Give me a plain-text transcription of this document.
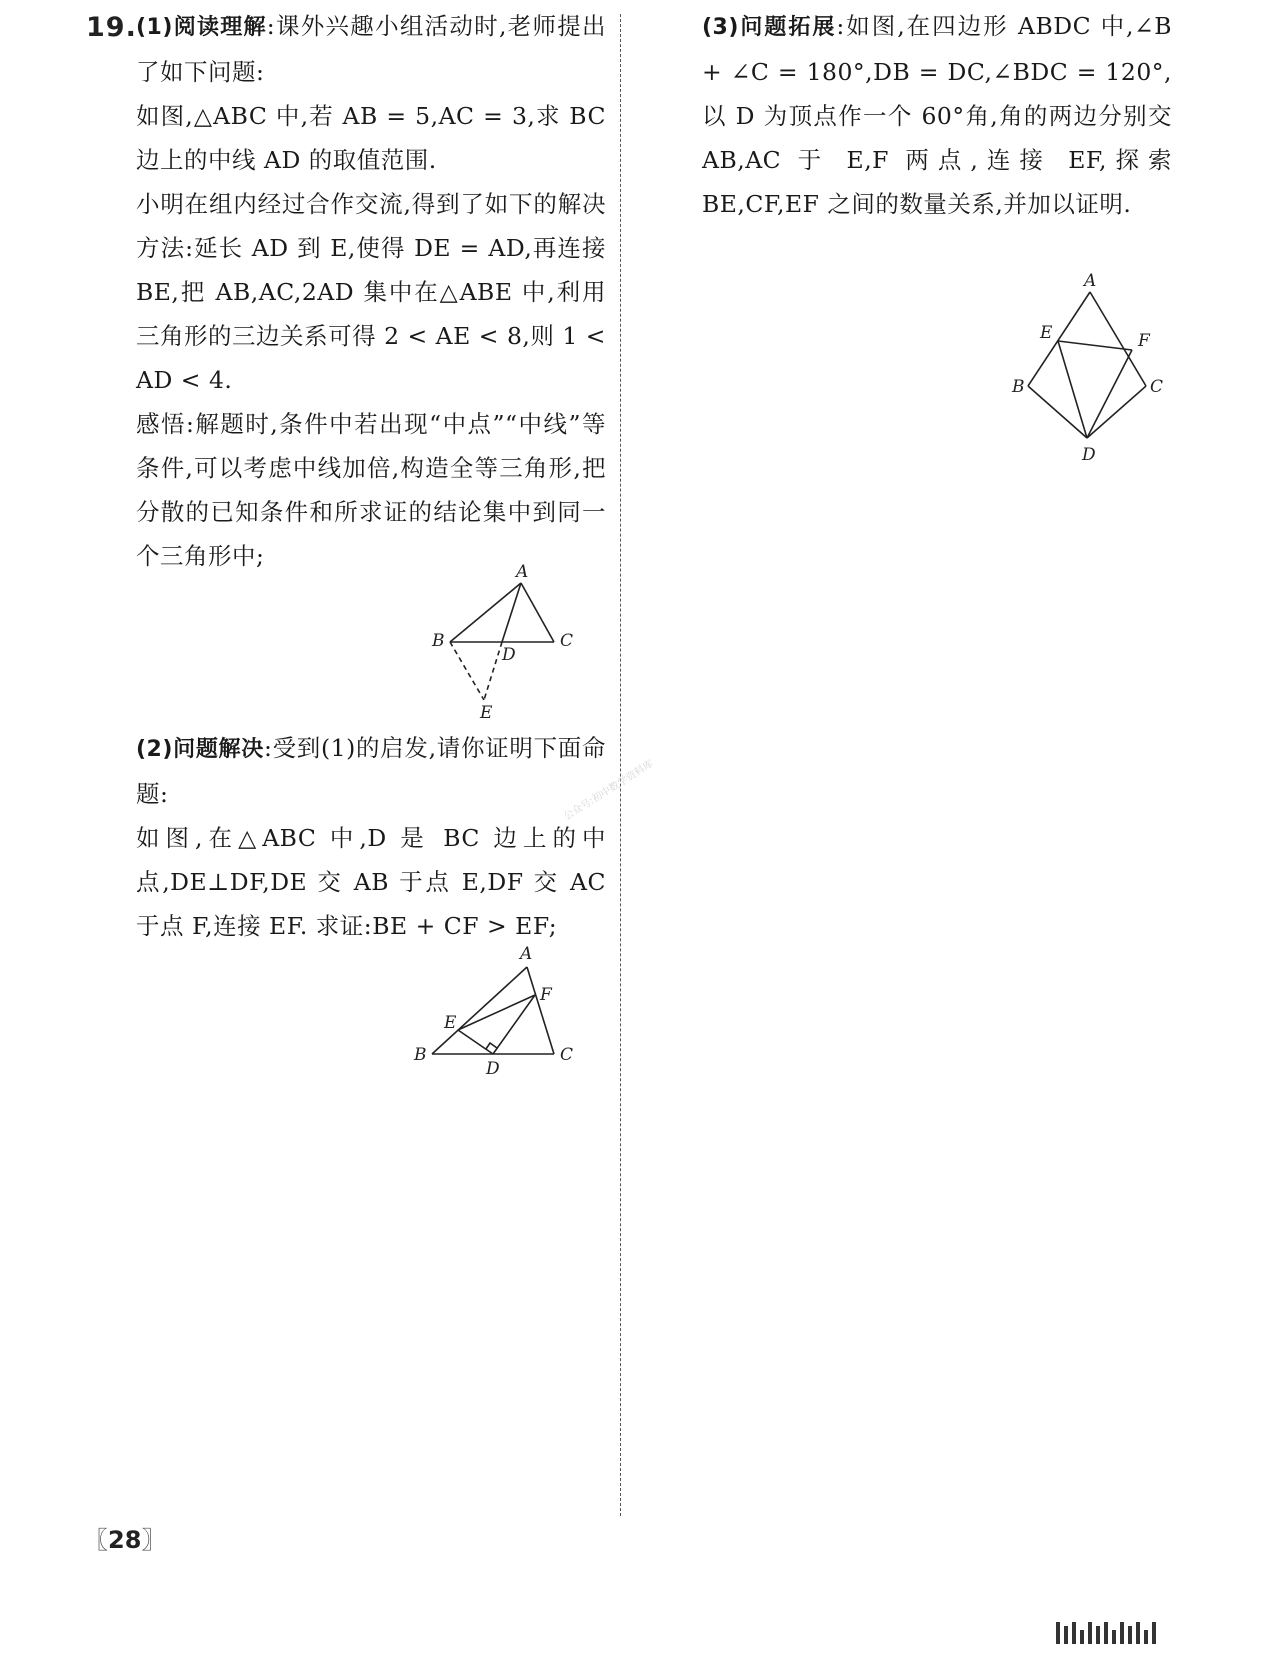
19. (1)阅读理解:课外兴趣小组活动时,老师提出了如下问题:

如图,△ABC 中,若 AB = 5,AC = 3,求 BC 边上的中线 AD 的取值范围.

小明在组内经过合作交流,得到了如下的解决方法:延长 AD 到 E,使得 DE = AD,再连接 BE,把 AB,AC,2AD 集中在△ABE 中,利用三角形的三边关系可得 2 < AE < 8,则 1 < AD < 4.

感悟:解题时,条件中若出现“中点”“中线”等条件,可以考虑中线加倍,构造全等三角形,把分散的已知条件和所求证的结论集中到同一个三角形中;

A
B	C
D
E

(2)问题解决:受到(1)的启发,请你证明下面命题:

如图,在△ABC 中,D 是 BC 边上的中点,DE⊥DF,DE 交 AB 于点 E,DF 交 AC 于点 F,连接 EF. 求证:BE + CF > EF;

A
B	C
D
E
F

(3)问题拓展:如图,在四边形 ABDC 中,∠B + ∠C = 180°,DB = DC,∠BDC = 120°,以 D 为顶点作一个 60°角,角的两边分别交 AB,AC 于 E,F 两点,连接 EF,探索 BE,CF,EF 之间的数量关系,并加以证明.

A
B	C
D
E	F
公众号:初中数学资料库
〖28〗
